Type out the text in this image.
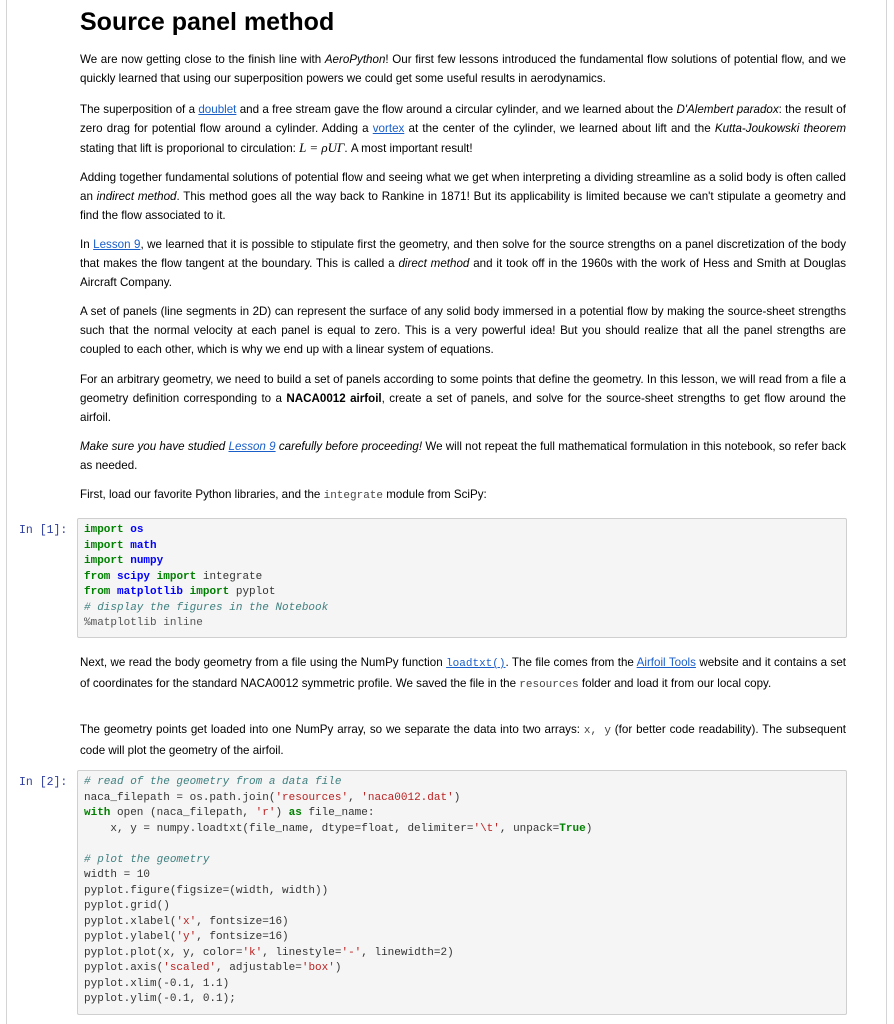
Source panel method

We are now getting close to the finish line with AeroPython! Our first few lessons introduced the fundamental flow solutions of potential flow, and we quickly learned that using our superposition powers we could get some useful results in aerodynamics.

The superposition of a doublet and a free stream gave the flow around a circular cylinder, and we learned about the D'Alembert paradox: the result of zero drag for potential flow around a cylinder. Adding a vortex at the center of the cylinder, we learned about lift and the Kutta-Joukowski theorem stating that lift is proporional to circulation: L = ρUΓ. A most important result!

Adding together fundamental solutions of potential flow and seeing what we get when interpreting a dividing streamline as a solid body is often called an indirect method. This method goes all the way back to Rankine in 1871! But its applicability is limited because we can't stipulate a geometry and find the flow associated to it.

In Lesson 9, we learned that it is possible to stipulate first the geometry, and then solve for the source strengths on a panel discretization of the body that makes the flow tangent at the boundary. This is called a direct method and it took off in the 1960s with the work of Hess and Smith at Douglas Aircraft Company.

A set of panels (line segments in 2D) can represent the surface of any solid body immersed in a potential flow by making the source-sheet strengths such that the normal velocity at each panel is equal to zero. This is a very powerful idea! But you should realize that all the panel strengths are coupled to each other, which is why we end up with a linear system of equations.

For an arbitrary geometry, we need to build a set of panels according to some points that define the geometry. In this lesson, we will read from a file a geometry definition corresponding to a NACA0012 airfoil, create a set of panels, and solve for the source-sheet strengths to get flow around the airfoil.

Make sure you have studied Lesson 9 carefully before proceeding! We will not repeat the full mathematical formulation in this notebook, so refer back as needed.

First, load our favorite Python libraries, and the integrate module from SciPy:

In [1]: import os
import math
import numpy
from scipy import integrate
from matplotlib import pyplot
# display the figures in the Notebook
%matplotlib inline

Next, we read the body geometry from a file using the NumPy function loadtxt(). The file comes from the Airfoil Tools website and it contains a set of coordinates for the standard NACA0012 symmetric profile. We saved the file in the resources folder and load it from our local copy.

The geometry points get loaded into one NumPy array, so we separate the data into two arrays: x, y (for better code readability). The subsequent code will plot the geometry of the airfoil.

In [2]: # read of the geometry from a data file
naca_filepath = os.path.join('resources', 'naca0012.dat')
with open (naca_filepath, 'r') as file_name:
x, y = numpy.loadtxt(file_name, dtype=float, delimiter='\t', unpack=True)

# plot the geometry
width = 10
pyplot.figure(figsize=(width, width))
pyplot.grid()
pyplot.xlabel('x', fontsize=16)
pyplot.ylabel('y', fontsize=16)
pyplot.plot(x, y, color='k', linestyle='-', linewidth=2)
pyplot.axis('scaled', adjustable='box')
pyplot.xlim(-0.1, 1.1)
pyplot.ylim(-0.1, 0.1);
